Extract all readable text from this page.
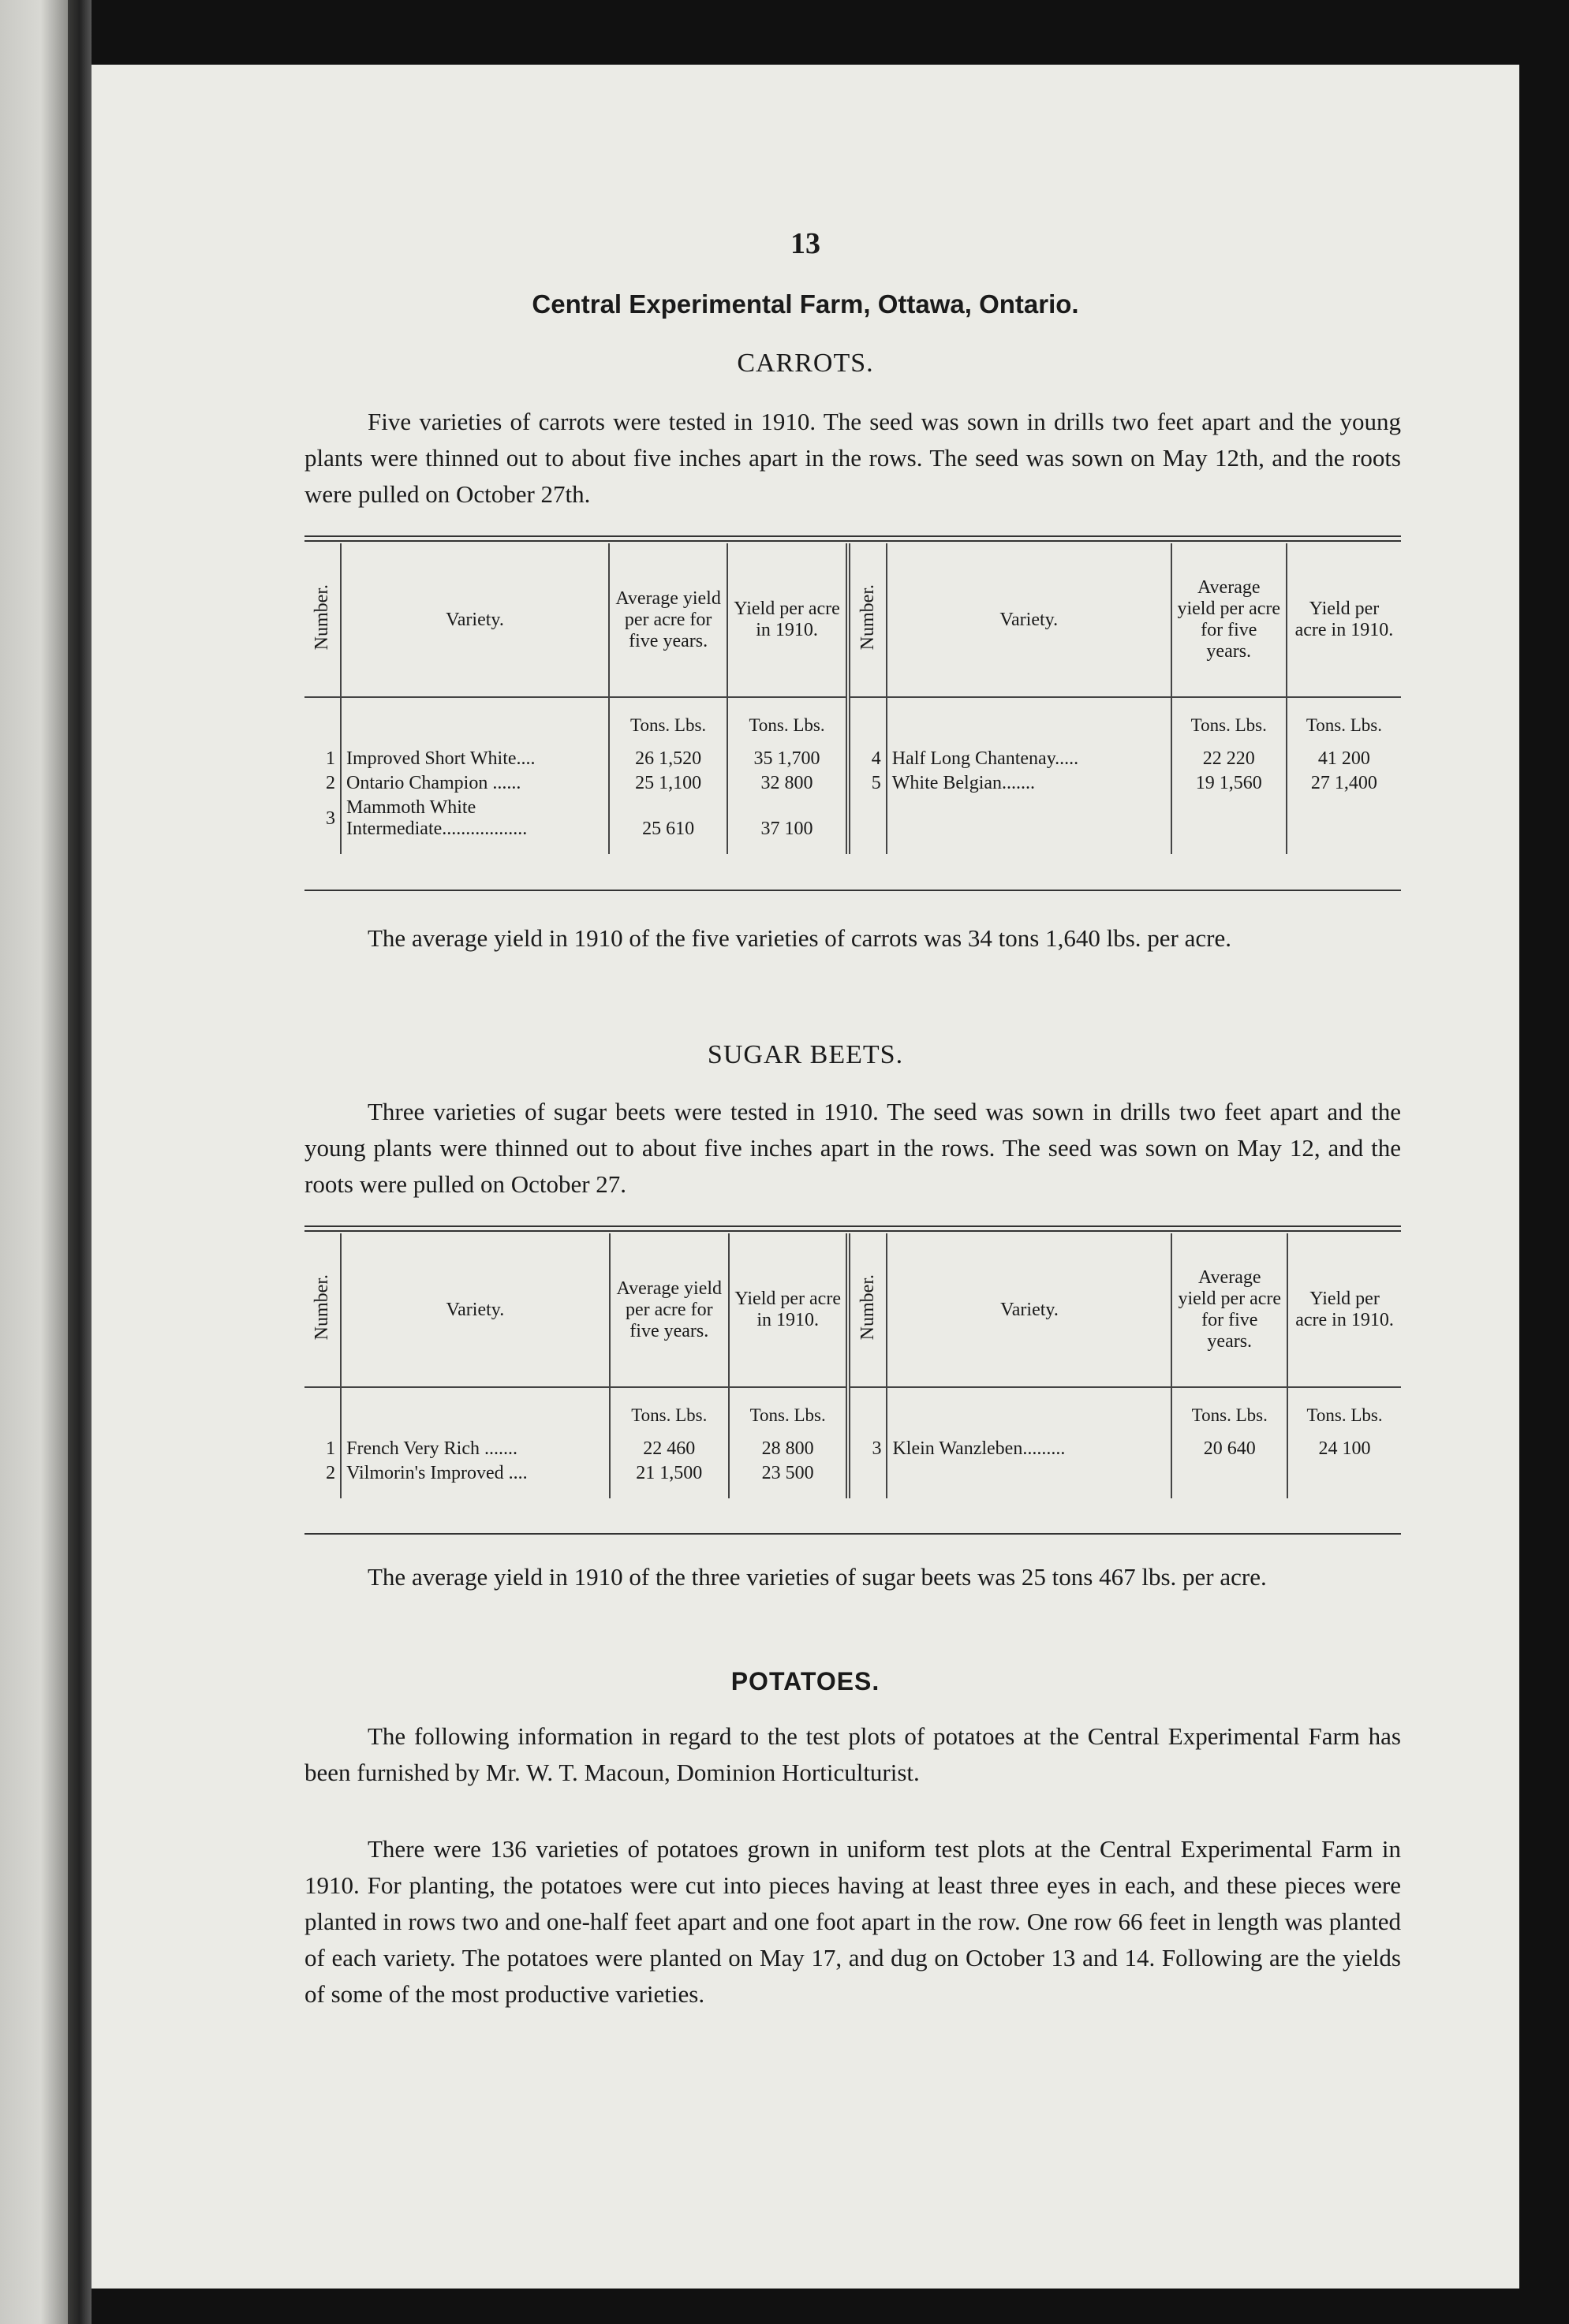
13
Central Experimental Farm, Ottawa, Ontario.
CARROTS.

Five varieties of carrots were tested in 1910. The seed was sown in drills two feet apart and the young plants were thinned out to about five inches apart in the rows. The seed was sown on May 12th, and the roots were pulled on October 27th.

Number.	Variety.	Average yield per acre for five years.	Yield per acre in 1910.	Number.	Variety.	Average yield per acre for five years.	Yield per acre in 1910.
		Tons. Lbs.	Tons. Lbs.			Tons. Lbs.	Tons. Lbs.
1	Improved Short White....	26 1,520	35 1,700	4	Half Long Chantenay.....	22 220	41 200
2	Ontario Champion ......	25 1,100	32 800	5	White Belgian.......	19 1,560	27 1,400
3	Mammoth White Intermediate..................	25 610	37 100				

The average yield in 1910 of the five varieties of carrots was 34 tons 1,640 lbs. per acre.

SUGAR BEETS.

Three varieties of sugar beets were tested in 1910. The seed was sown in drills two feet apart and the young plants were thinned out to about five inches apart in the rows. The seed was sown on May 12, and the roots were pulled on October 27.

Number.	Variety.	Average yield per acre for five years.	Yield per acre in 1910.	Number.	Variety.	Average yield per acre for five years.	Yield per acre in 1910.
		Tons. Lbs.	Tons. Lbs.			Tons. Lbs.	Tons. Lbs.
1	French Very Rich .......	22 460	28 800	3	Klein Wanzleben.........	20 640	24 100
2	Vilmorin's Improved ....	21 1,500	23 500				

The average yield in 1910 of the three varieties of sugar beets was 25 tons 467 lbs. per acre.

POTATOES.

The following information in regard to the test plots of potatoes at the Central Experimental Farm has been furnished by Mr. W. T. Macoun, Dominion Horticulturist.

There were 136 varieties of potatoes grown in uniform test plots at the Central Experimental Farm in 1910. For planting, the potatoes were cut into pieces having at least three eyes in each, and these pieces were planted in rows two and one-half feet apart and one foot apart in the row. One row 66 feet in length was planted of each variety. The potatoes were planted on May 17, and dug on October 13 and 14. Following are the yields of some of the most productive varieties.
